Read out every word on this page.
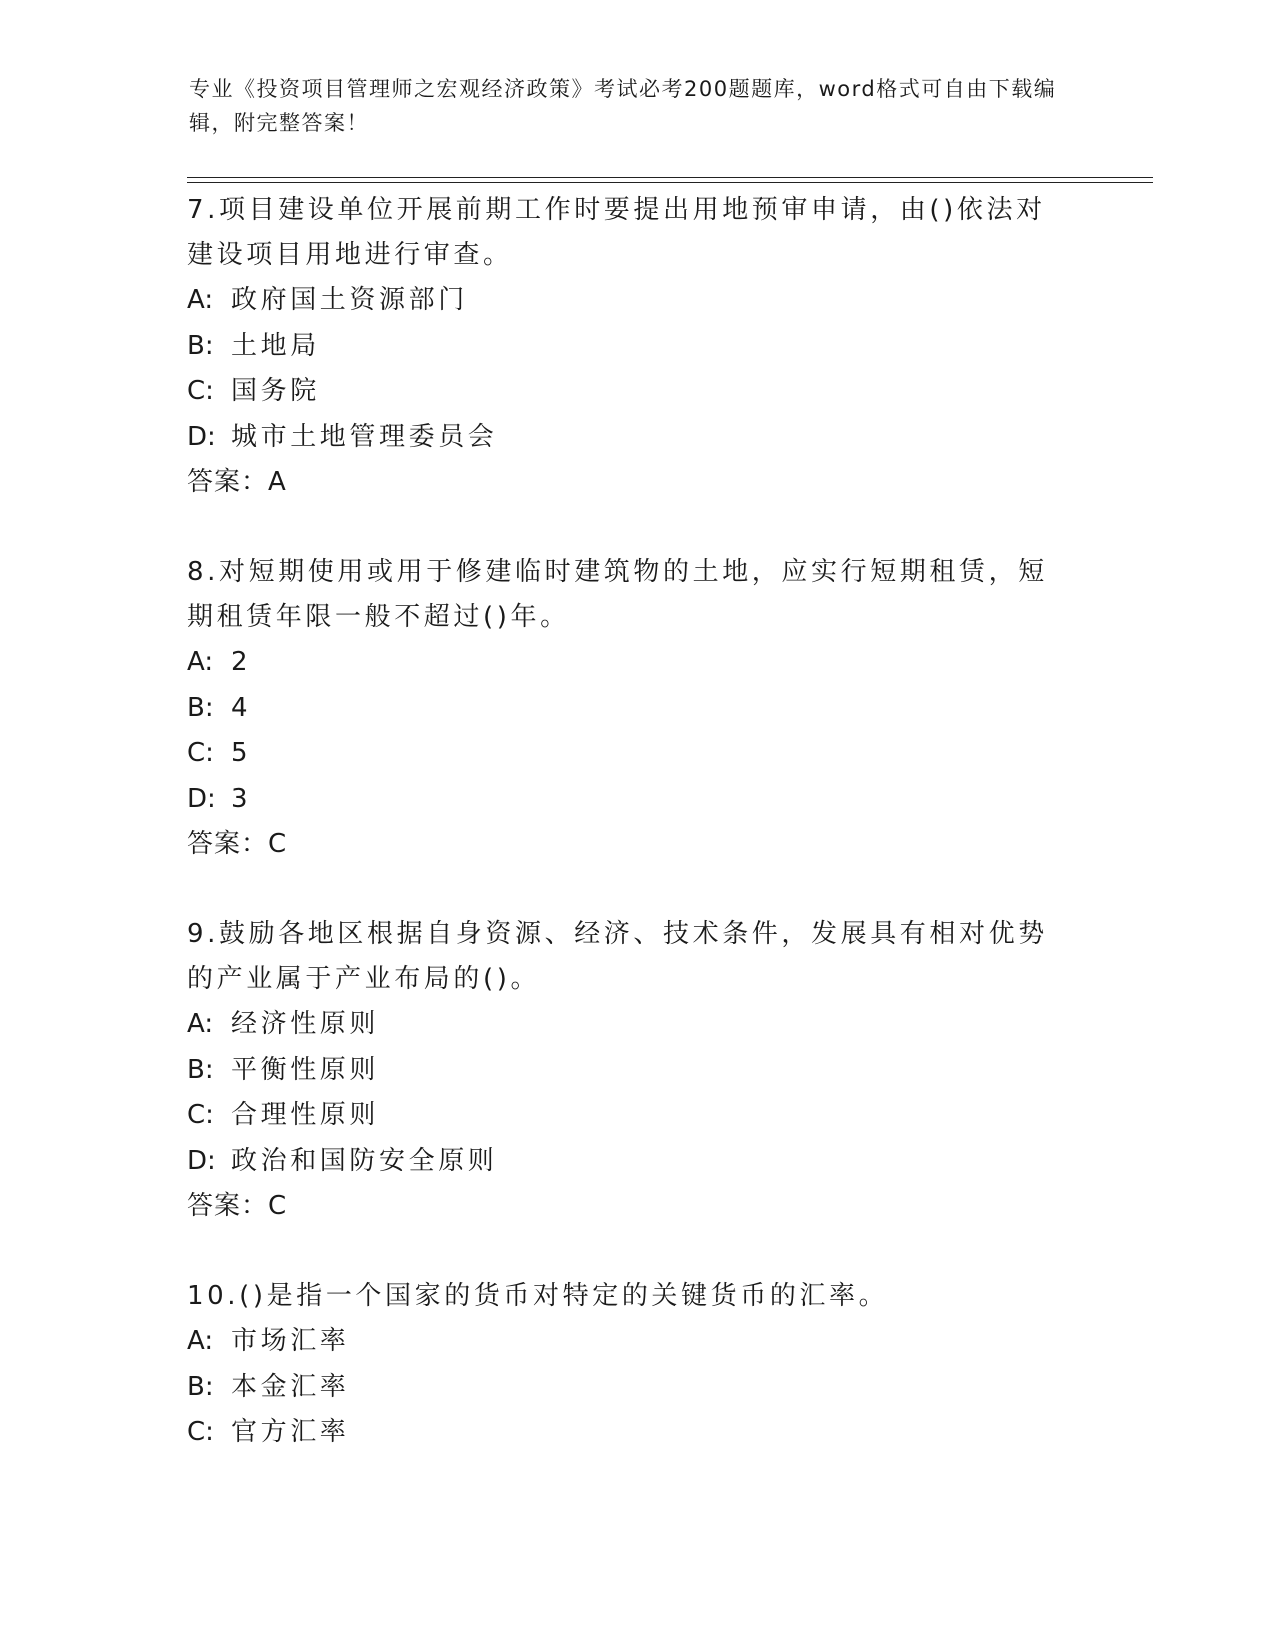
专业《投资项目管理师之宏观经济政策》考试必考200题题库，word格式可自由下载编辑，附完整答案！

7.项目建设单位开展前期工作时要提出用地预审申请，由()依法对建设项目用地进行审查。

A: 政府国土资源部门

B: 土地局

C: 国务院

D: 城市土地管理委员会

答案：A

8.对短期使用或用于修建临时建筑物的土地，应实行短期租赁，短期租赁年限一般不超过()年。

A: 2

B: 4

C: 5

D: 3

答案：C

9.鼓励各地区根据自身资源、经济、技术条件，发展具有相对优势的产业属于产业布局的()。

A: 经济性原则

B: 平衡性原则

C: 合理性原则

D: 政治和国防安全原则

答案：C

10.()是指一个国家的货币对特定的关键货币的汇率。

A: 市场汇率

B: 本金汇率

C: 官方汇率
